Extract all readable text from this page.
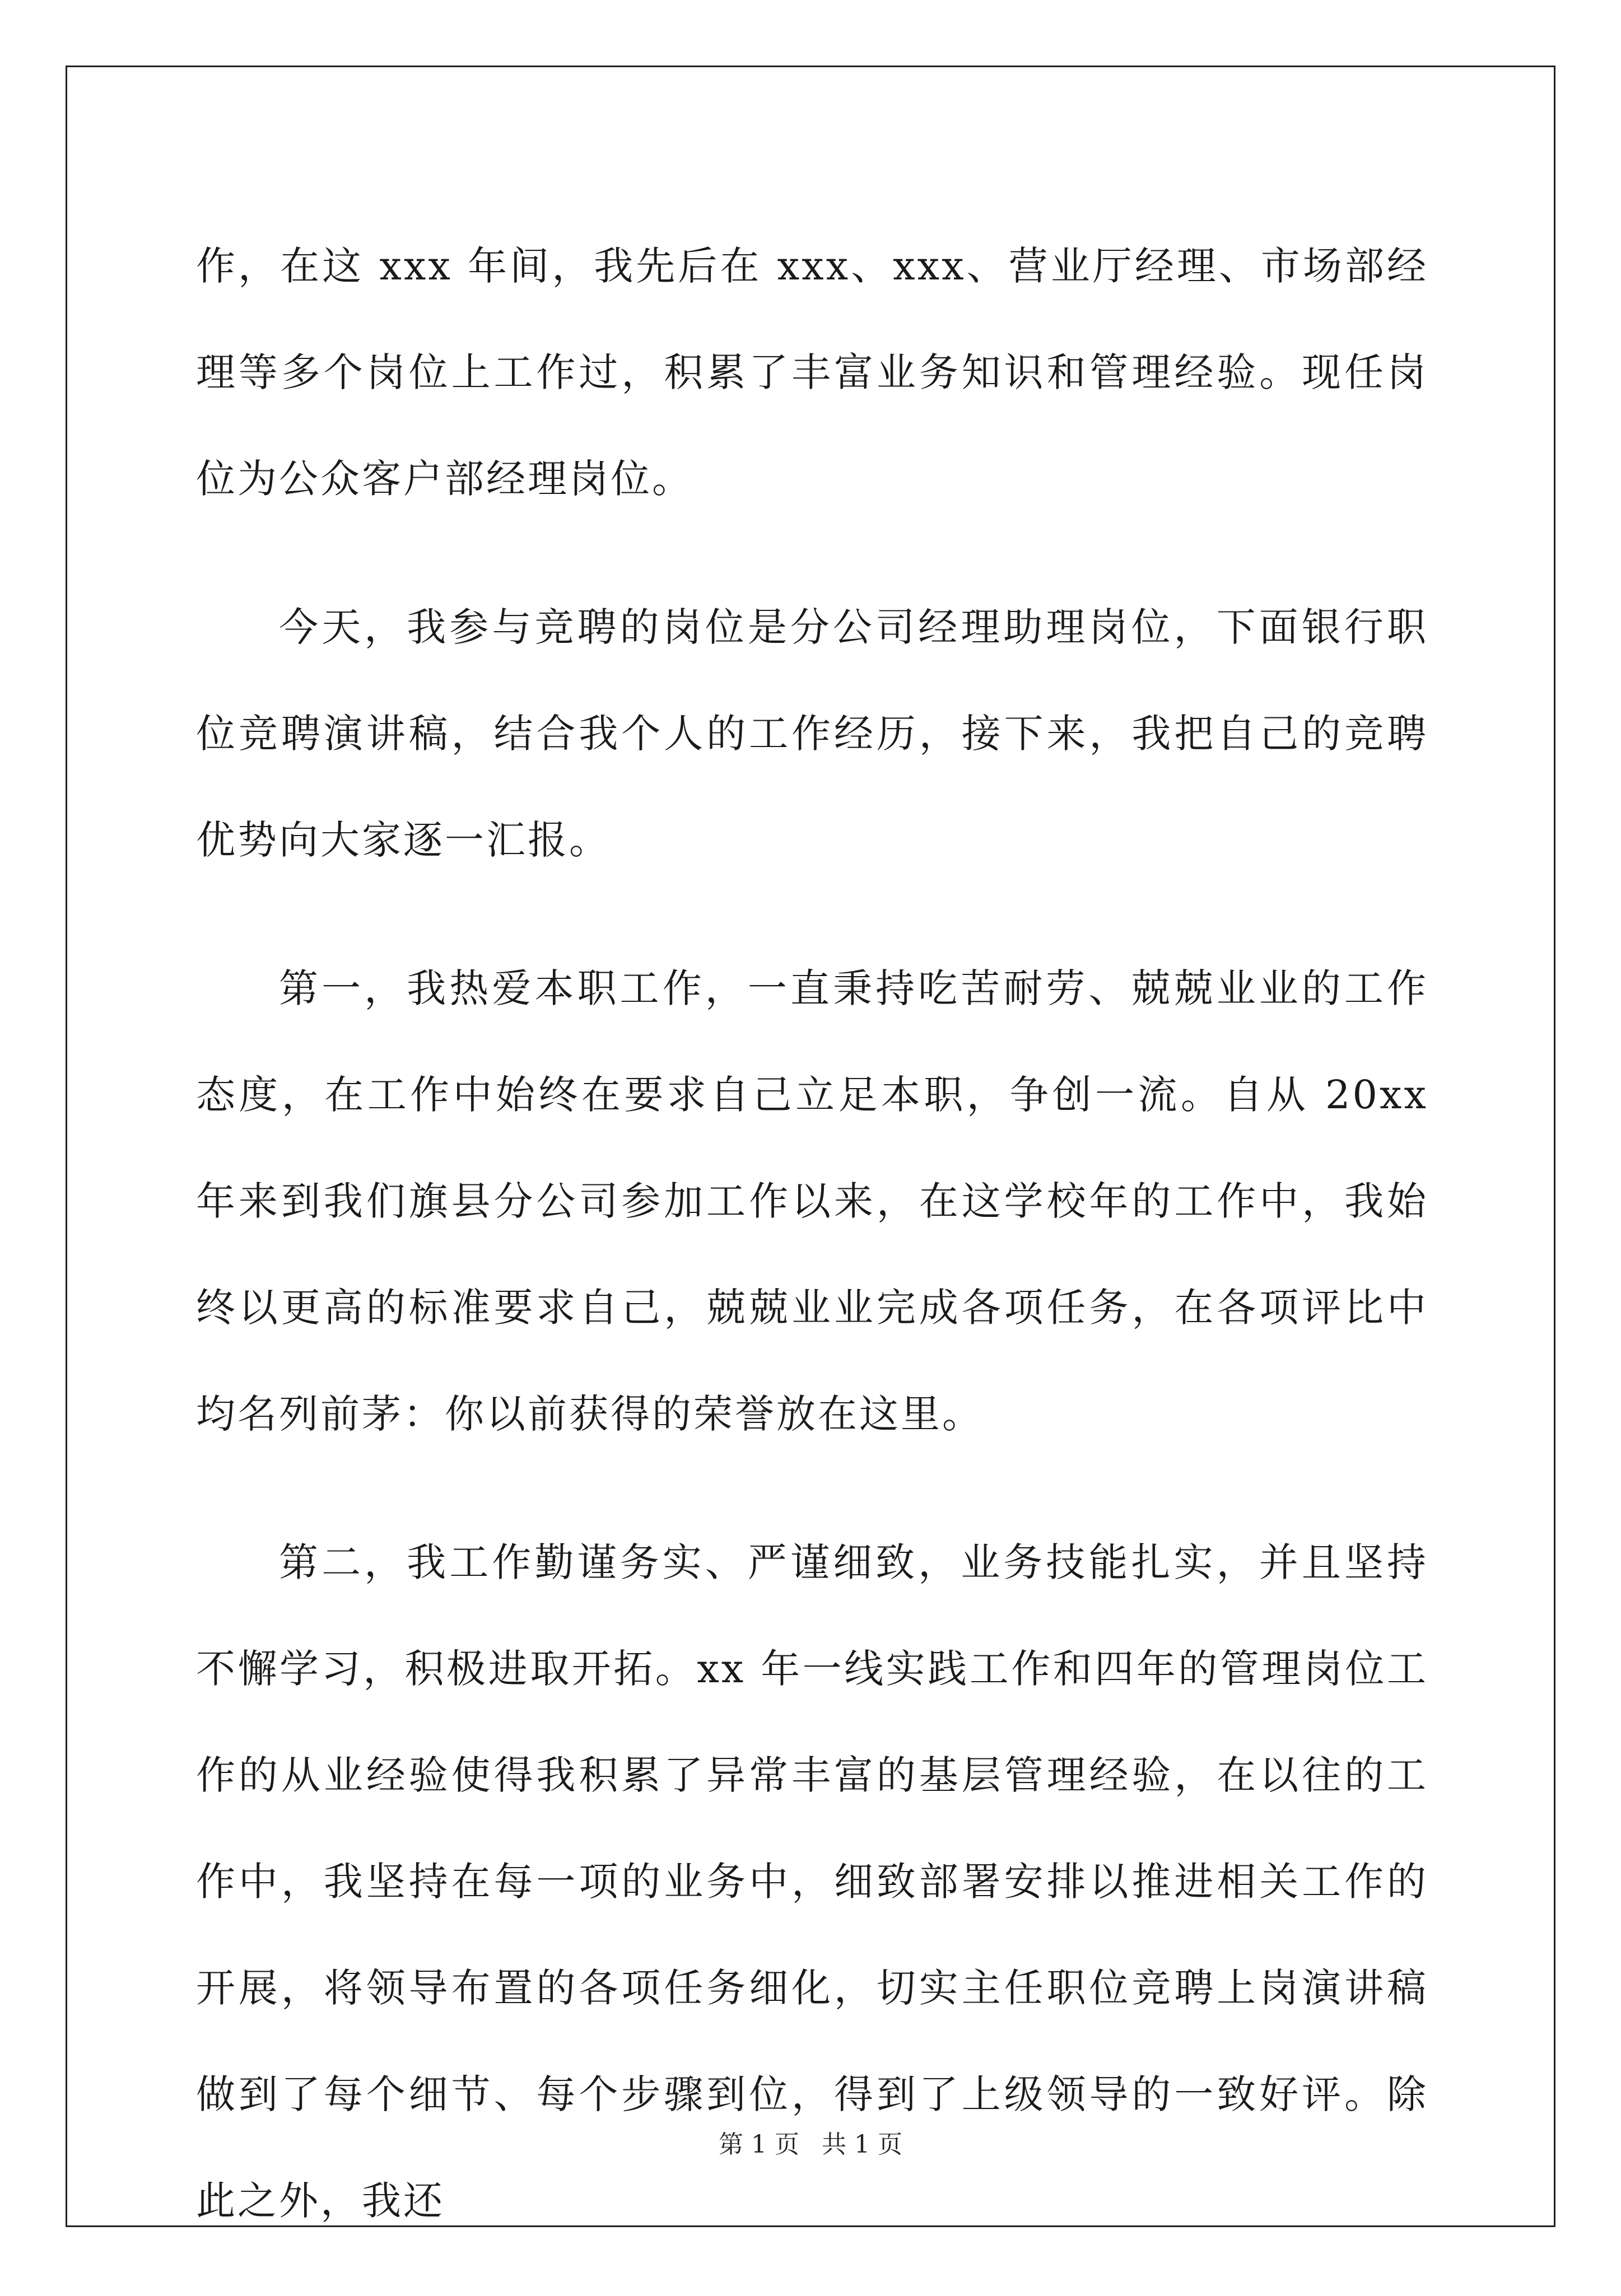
作，在这 xxx 年间，我先后在 xxx、xxx、营业厅经理、市场部经理等多个岗位上工作过，积累了丰富业务知识和管理经验。现任岗位为公众客户部经理岗位。

今天，我参与竞聘的岗位是分公司经理助理岗位，下面银行职位竞聘演讲稿，结合我个人的工作经历，接下来，我把自己的竞聘优势向大家逐一汇报。

第一，我热爱本职工作，一直秉持吃苦耐劳、兢兢业业的工作态度，在工作中始终在要求自己立足本职，争创一流。自从 20xx 年来到我们旗县分公司参加工作以来，在这学校年的工作中，我始终以更高的标准要求自己，兢兢业业完成各项任务，在各项评比中均名列前茅：你以前获得的荣誉放在这里。

第二，我工作勤谨务实、严谨细致，业务技能扎实，并且坚持不懈学习，积极进取开拓。xx 年一线实践工作和四年的管理岗位工作的从业经验使得我积累了异常丰富的基层管理经验，在以往的工作中，我坚持在每一项的业务中，细致部署安排以推进相关工作的开展，将领导布置的各项任务细化，切实主任职位竞聘上岗演讲稿做到了每个细节、每个步骤到位，得到了上级领导的一致好评。除此之外，我还

第 1 页 共 1 页
